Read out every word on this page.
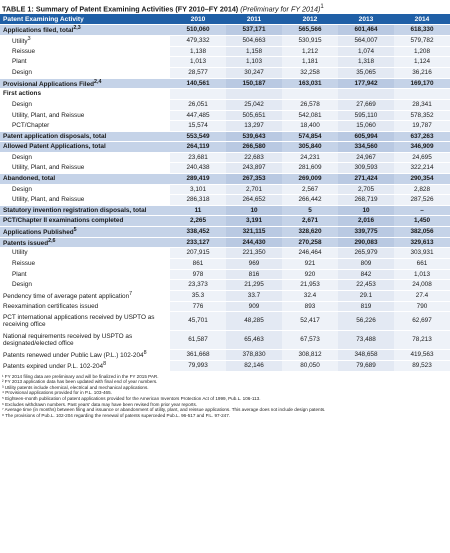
TABLE 1: Summary of Patent Examining Activities (FY 2010–FY 2014) (Preliminary for FY 2014)$^1$
Patent Examining Activity	2010	2011	2012	2013	2014
Applications filed, total$^{2,3}$	510,060	537,171	565,566	601,464	618,330
Utility$^3$	479,332	504,663	530,915	564,007	579,782
Reissue	1,138	1,158	1,212	1,074	1,208
Plant	1,013	1,103	1,181	1,318	1,124
Design	28,577	30,247	32,258	35,065	36,216
Provisional Applications Filed$^{2,4}$	140,561	150,187	163,031	177,942	169,170
First actions					
Design	26,051	25,042	26,578	27,669	28,341
Utility, Plant, and Reissue	447,485	505,651	542,081	595,110	578,352
PCT/Chapter	15,574	13,297	18,400	15,060	19,787
Patent application disposals, total	553,549	539,643	574,854	605,994	637,263
Allowed Patent Applications, total	264,119	266,580	305,840	334,560	346,909
Design	23,681	22,683	24,231	24,967	24,695
Utility, Plant, and Reissue	240,438	243,897	281,609	309,593	322,214
Abandoned, total	289,419	267,353	269,009	271,424	290,354
Design	3,101	2,701	2,567	2,705	2,828
Utility, Plant, and Reissue	286,318	264,652	266,442	268,719	287,526
Statutory invention registration disposals, total	11	10	5	10	–
PCT/Chapter II examinations completed	2,265	3,191	2,671	2,016	1,450
Applications Published$^5$	338,452	321,115	328,620	339,775	382,056
Patents issued$^{2,6}$	233,127	244,430	270,258	290,083	329,613
Utility	207,915	221,350	246,464	265,979	303,931
Reissue	861	969	921	809	661
Plant	978	816	920	842	1,013
Design	23,373	21,295	21,953	22,453	24,008
Pendency time of average patent application$^7$	35.3	33.7	32.4	29.1	27.4
Reexamination certificates issued	776	909	893	819	790
PCT international applications received by USPTO as receiving office	45,701	48,285	52,417	56,226	62,697
National requirements received by USPTO as designated/elected office	61,587	65,463	67,573	73,488	78,213
Patents renewed under Public Law (P.L.) $102-204^8$	361,668	378,830	308,812	348,658	419,563
Patents expired under P.L. $102-204^8$	79,993	82,146	80,050	79,689	89,523
¹ FY 2014 filing data are preliminary and will be finalized in the FY 2015 PAR.
² FY 2013 application data has been updated with final end of year numbers.
³ Utility patents include chemical, electrical and mechanical applications.
⁴ Provisional applications provided for in P.L. 103-465.
⁵ Eighteen-month publication of patent applications provided for the American Inventors Protection Act of 1999, Pub.L. 106-113.
⁶ Excludes withdrawn numbers. Past years' data may have been revised from prior year reports.
⁷ Average time (in months) between filing and issuance or abandonment of utility, plant, and reissue applications. This average does not include design patents.
⁸ The provisions of Pub.L. 102-204 regarding the renewal of patents superceded Pub.L. 96-517 and P.L. 97-247.
